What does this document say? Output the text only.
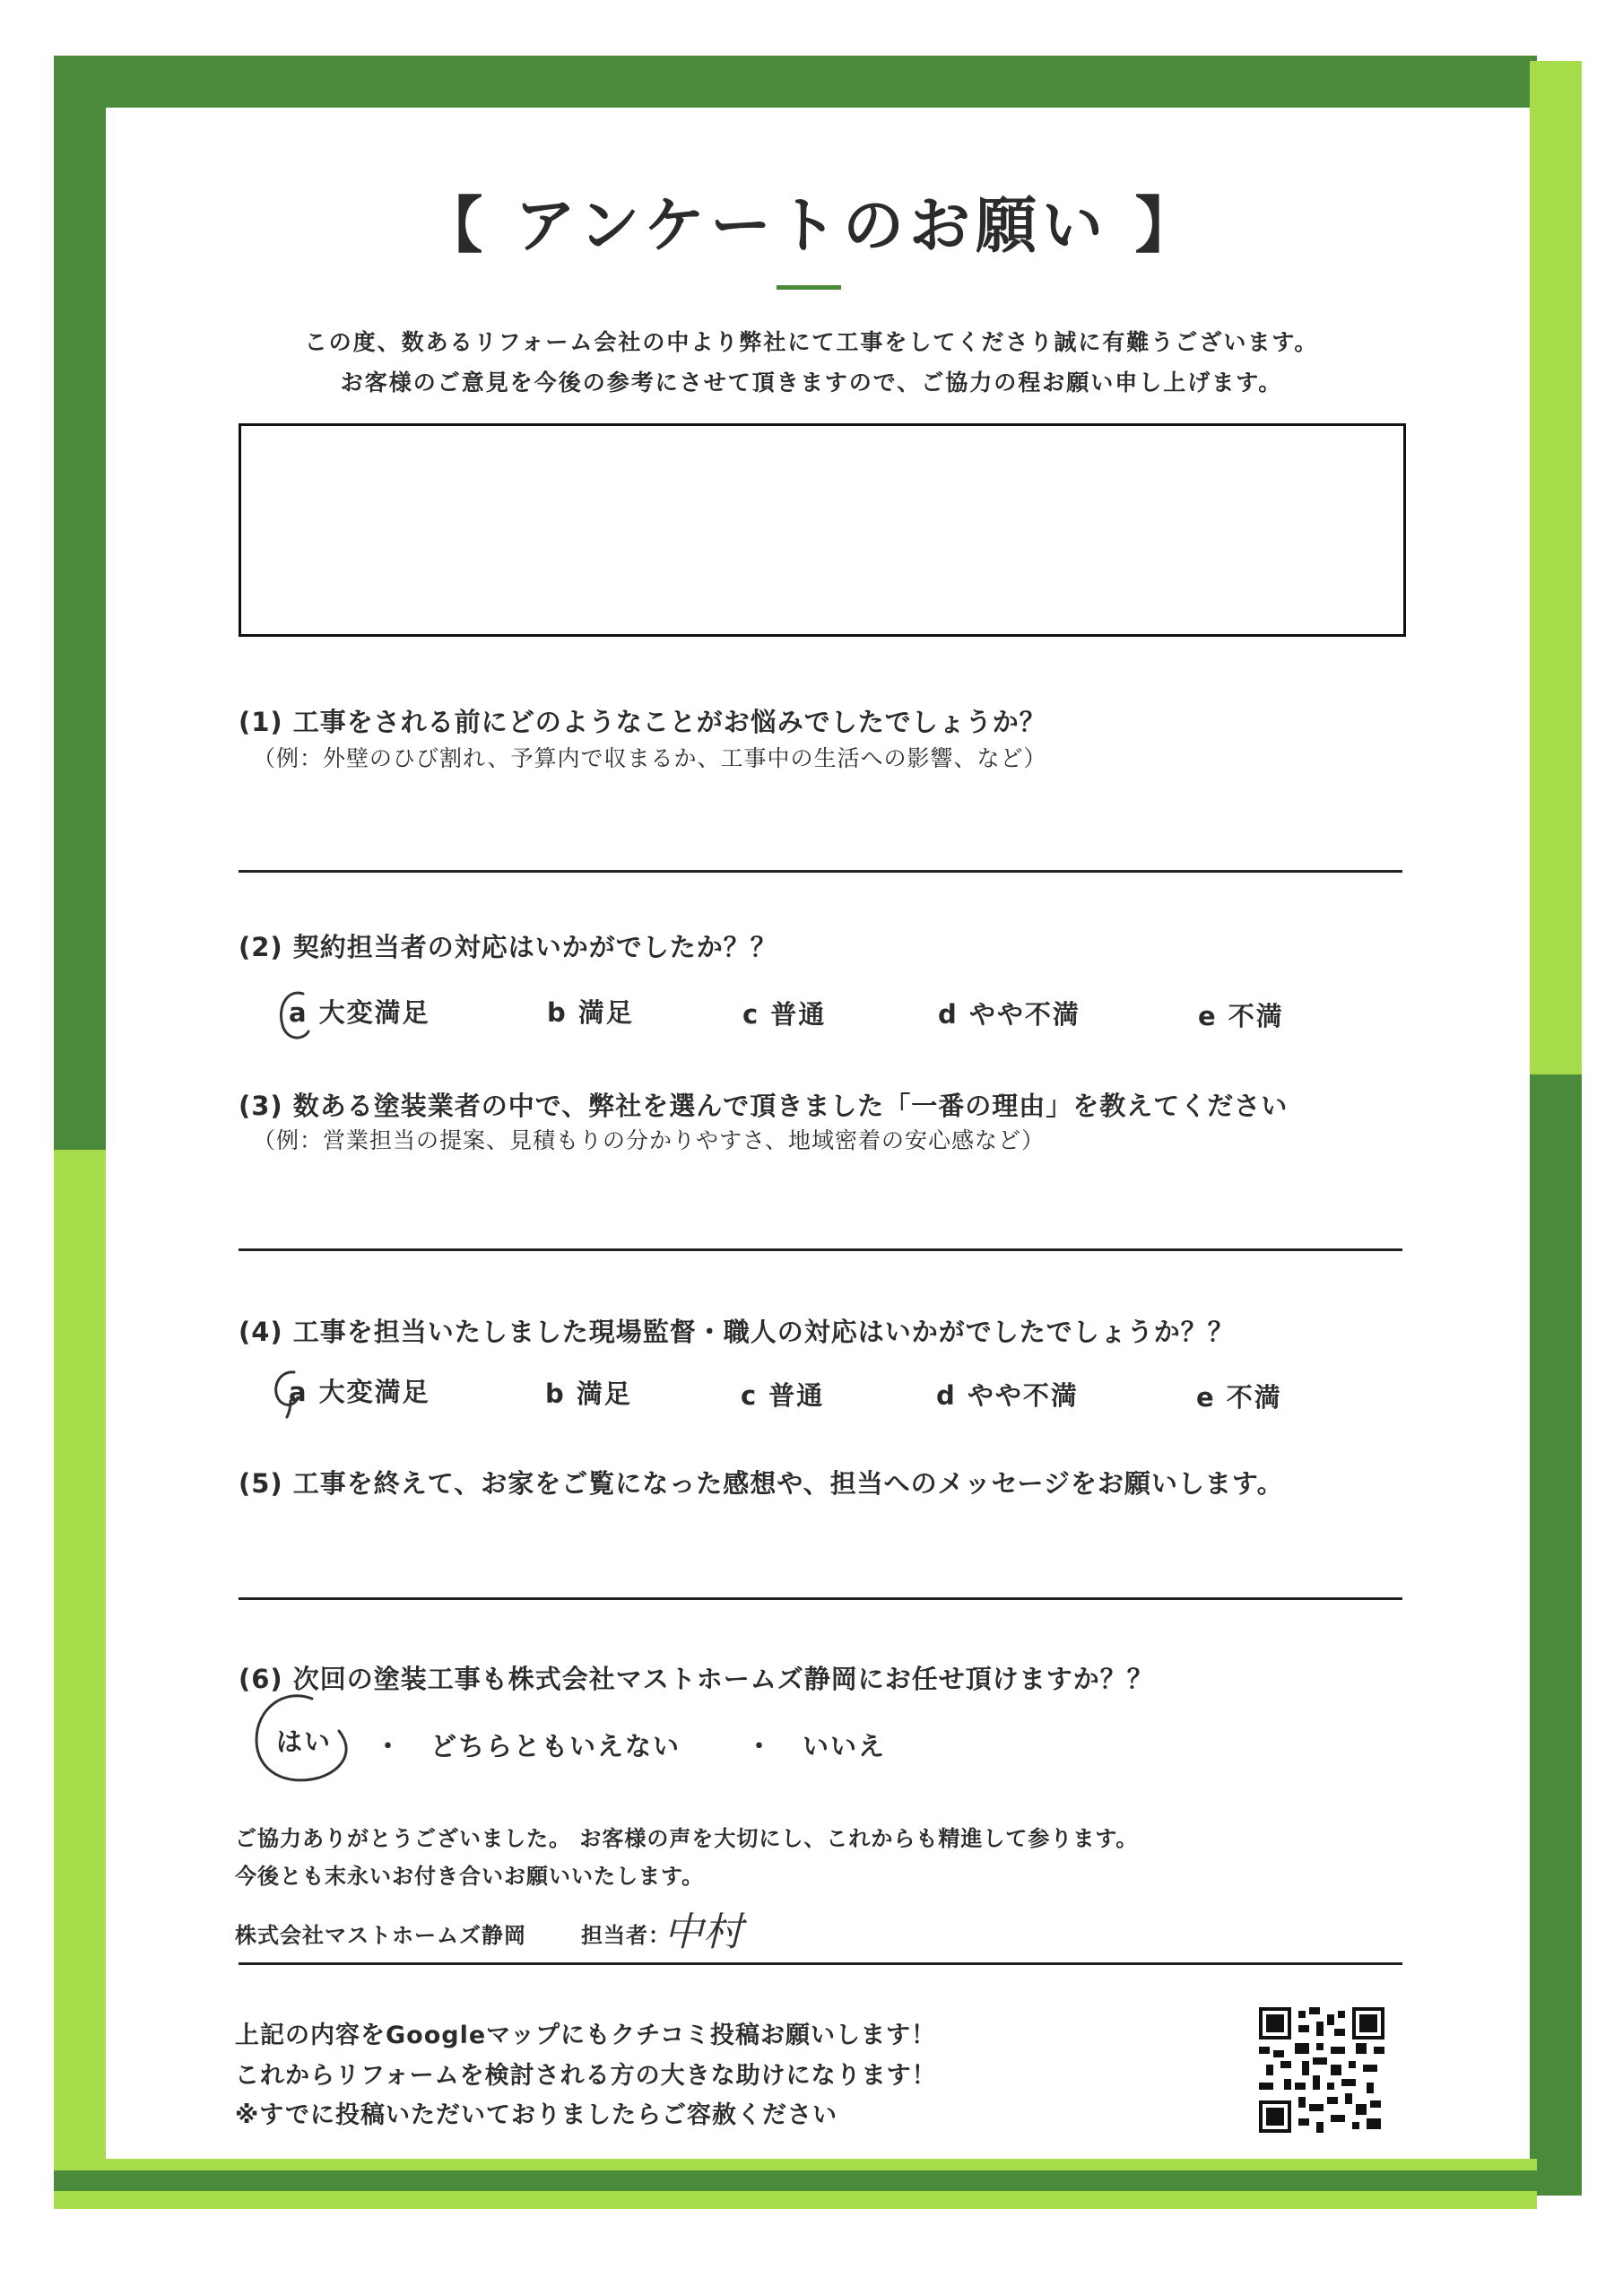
【 アンケートのお願い 】
この度、数あるリフォーム会社の中より弊社にて工事をしてくださり誠に有難うございます。
お客様のご意見を今後の参考にさせて頂きますので、ご協力の程お願い申し上げます。
(1) 工事をされる前にどのようなことがお悩みでしたでしょうか？
（例：外壁のひび割れ、予算内で収まるか、工事中の生活への影響、など）
(2) 契約担当者の対応はいかがでしたか？？
a 大変満足	b 満足	c 普通	d やや不満	e 不満
(3) 数ある塗装業者の中で、弊社を選んで頂きました「一番の理由」を教えてください
（例：営業担当の提案、見積もりの分かりやすさ、地域密着の安心感など）
(4) 工事を担当いたしました現場監督・職人の対応はいかがでしたでしょうか？？
a 大変満足	b 満足	c 普通	d やや不満	e 不満
(5) 工事を終えて、お家をご覧になった感想や、担当へのメッセージをお願いします。
(6) 次回の塗装工事も株式会社マストホームズ静岡にお任せ頂けますか？？
はい ・ どちらともいえない	・ いいえ
ご協力ありがとうございました。 お客様の声を大切にし、これからも精進して参ります。
今後とも末永いお付き合いお願いいたします。
株式会社マストホームズ静岡	担当者：
中村
上記の内容をGoogleマップにもクチコミ投稿お願いします！
これからリフォームを検討される方の大きな助けになります！
※すでに投稿いただいておりましたらご容赦ください
